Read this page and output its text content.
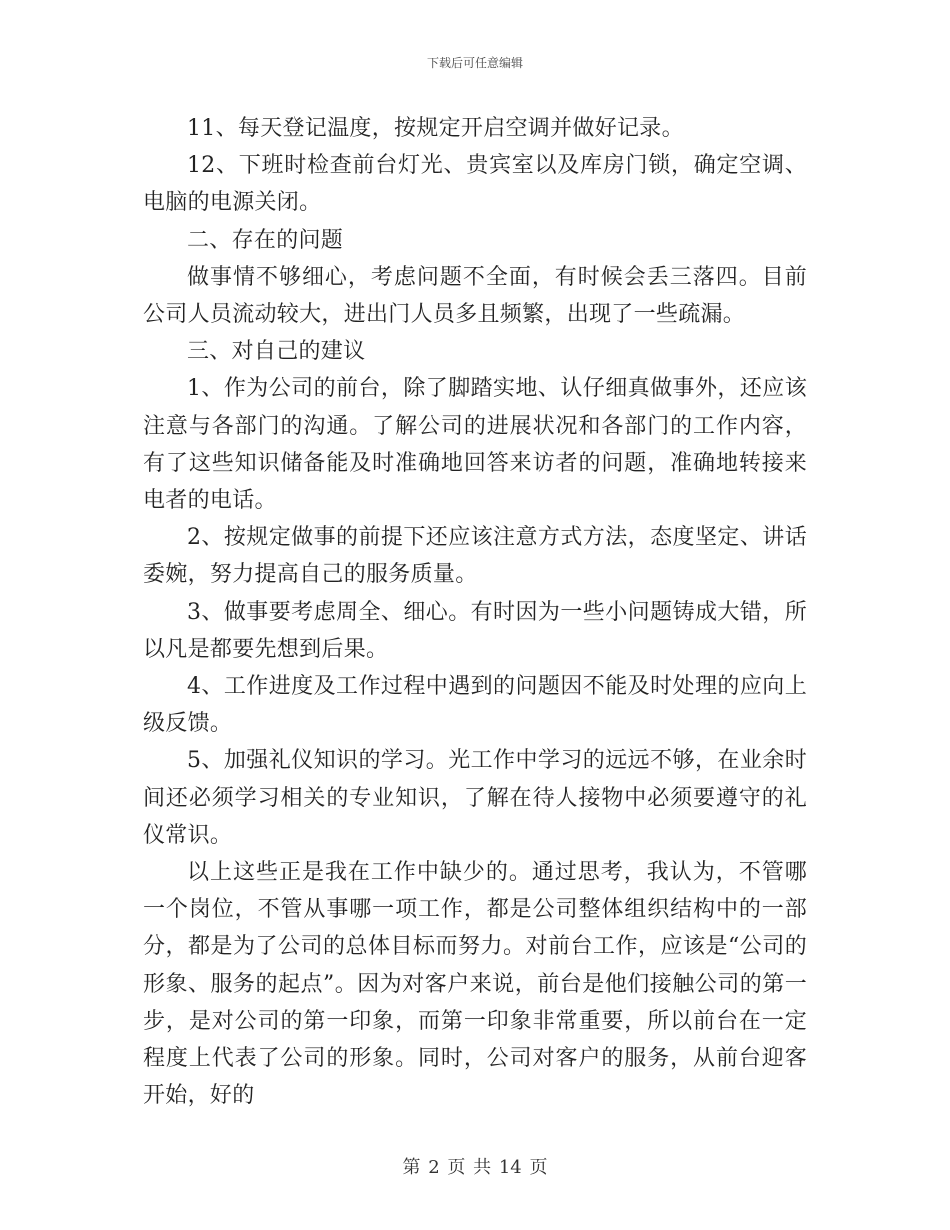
下载后可任意编辑

11、每天登记温度，按规定开启空调并做好记录。

12、下班时检查前台灯光、贵宾室以及库房门锁，确定空调、电脑的电源关闭。

二、存在的问题

做事情不够细心，考虑问题不全面，有时候会丢三落四。目前公司人员流动较大，进出门人员多且频繁，出现了一些疏漏。

三、对自己的建议

1、作为公司的前台，除了脚踏实地、认仔细真做事外，还应该注意与各部门的沟通。了解公司的进展状况和各部门的工作内容，有了这些知识储备能及时准确地回答来访者的问题，准确地转接来电者的电话。

2、按规定做事的前提下还应该注意方式方法，态度坚定、讲话委婉，努力提高自己的服务质量。

3、做事要考虑周全、细心。有时因为一些小问题铸成大错，所以凡是都要先想到后果。

4、工作进度及工作过程中遇到的问题因不能及时处理的应向上级反馈。

5、加强礼仪知识的学习。光工作中学习的远远不够，在业余时间还必须学习相关的专业知识，了解在待人接物中必须要遵守的礼仪常识。

以上这些正是我在工作中缺少的。通过思考，我认为，不管哪一个岗位，不管从事哪一项工作，都是公司整体组织结构中的一部分，都是为了公司的总体目标而努力。对前台工作，应该是“公司的形象、服务的起点”。因为对客户来说，前台是他们接触公司的第一步，是对公司的第一印象，而第一印象非常重要，所以前台在一定程度上代表了公司的形象。同时，公司对客户的服务，从前台迎客开始，好的

第 2 页 共 14 页
